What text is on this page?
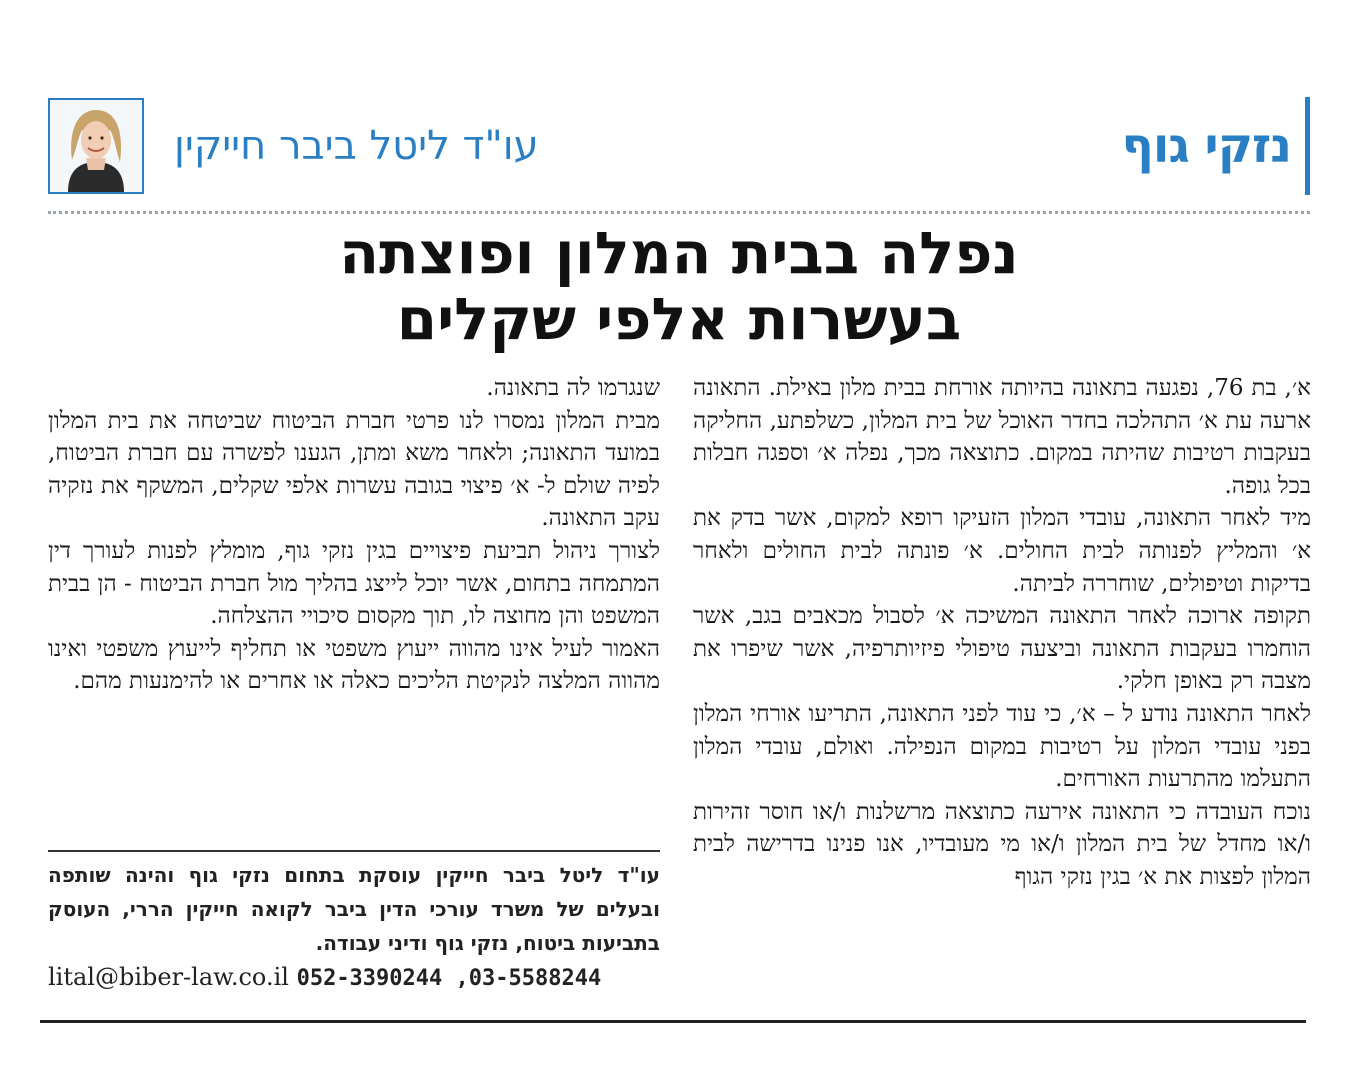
נזקי גוף
עו"ד ליטל ביבר חייקין
נפלה בבית המלון ופוצתה
בעשרות אלפי שקלים

א׳, בת 76, נפגעה בתאונה בהיותה אורחת בבית מלון באילת. התאונה ארעה עת א׳ התהלכה בחדר האוכל של בית המלון, כשלפתע, החליקה בעקבות רטיבות שהיתה במקום. כתוצאה מכך, נפלה א׳ וספגה חבלות בכל גופה.

מיד לאחר התאונה, עובדי המלון הזעיקו רופא למקום, אשר בדק את א׳ והמליץ לפנותה לבית החולים. א׳ פונתה לבית החולים ולאחר בדיקות וטיפולים, שוחררה לביתה.

תקופה ארוכה לאחר התאונה המשיכה א׳ לסבול מכאבים בגב, אשר הוחמרו בעקבות התאונה וביצעה טיפולי פיזיותרפיה, אשר שיפרו את מצבה רק באופן חלקי.

לאחר התאונה נודע ל – א׳, כי עוד לפני התאונה, התריעו אורחי המלון בפני עובדי המלון על רטיבות במקום הנפילה. ואולם, עובדי המלון התעלמו מהתרעות האורחים.

נוכח העובדה כי התאונה אירעה כתוצאה מרשלנות ו/או חוסר זהירות ו/או מחדל של בית המלון ו/או מי מעובדיו, אנו פנינו בדרישה לבית המלון לפצות את א׳ בגין נזקי הגוף

שנגרמו לה בתאונה.

מבית המלון נמסרו לנו פרטי חברת הביטוח שביטחה את בית המלון במועד התאונה; ולאחר משא ומתן, הגענו לפשרה עם חברת הביטוח, לפיה שולם ל- א׳ פיצוי בגובה עשרות אלפי שקלים, המשקף את נזקיה עקב התאונה.

לצורך ניהול תביעת פיצויים בגין נזקי גוף, מומלץ לפנות לעורך דין המתמחה בתחום, אשר יוכל לייצג בהליך מול חברת הביטוח - הן בבית המשפט והן מחוצה לו, תוך מקסום סיכויי ההצלחה.

האמור לעיל אינו מהווה ייעוץ משפטי או תחליף לייעוץ משפטי ואינו מהווה המלצה לנקיטת הליכים כאלה או אחרים או להימנעות מהם.

עו"ד ליטל ביבר חייקין עוסקת בתחום נזקי גוף והינה שותפה ובעלים של משרד עורכי הדין ביבר לקואה חייקין הררי, העוסק בתביעות ביטוח, נזקי גוף ודיני עבודה.
lital@biber-law.co.il 052-3390244 ,03-5588244
